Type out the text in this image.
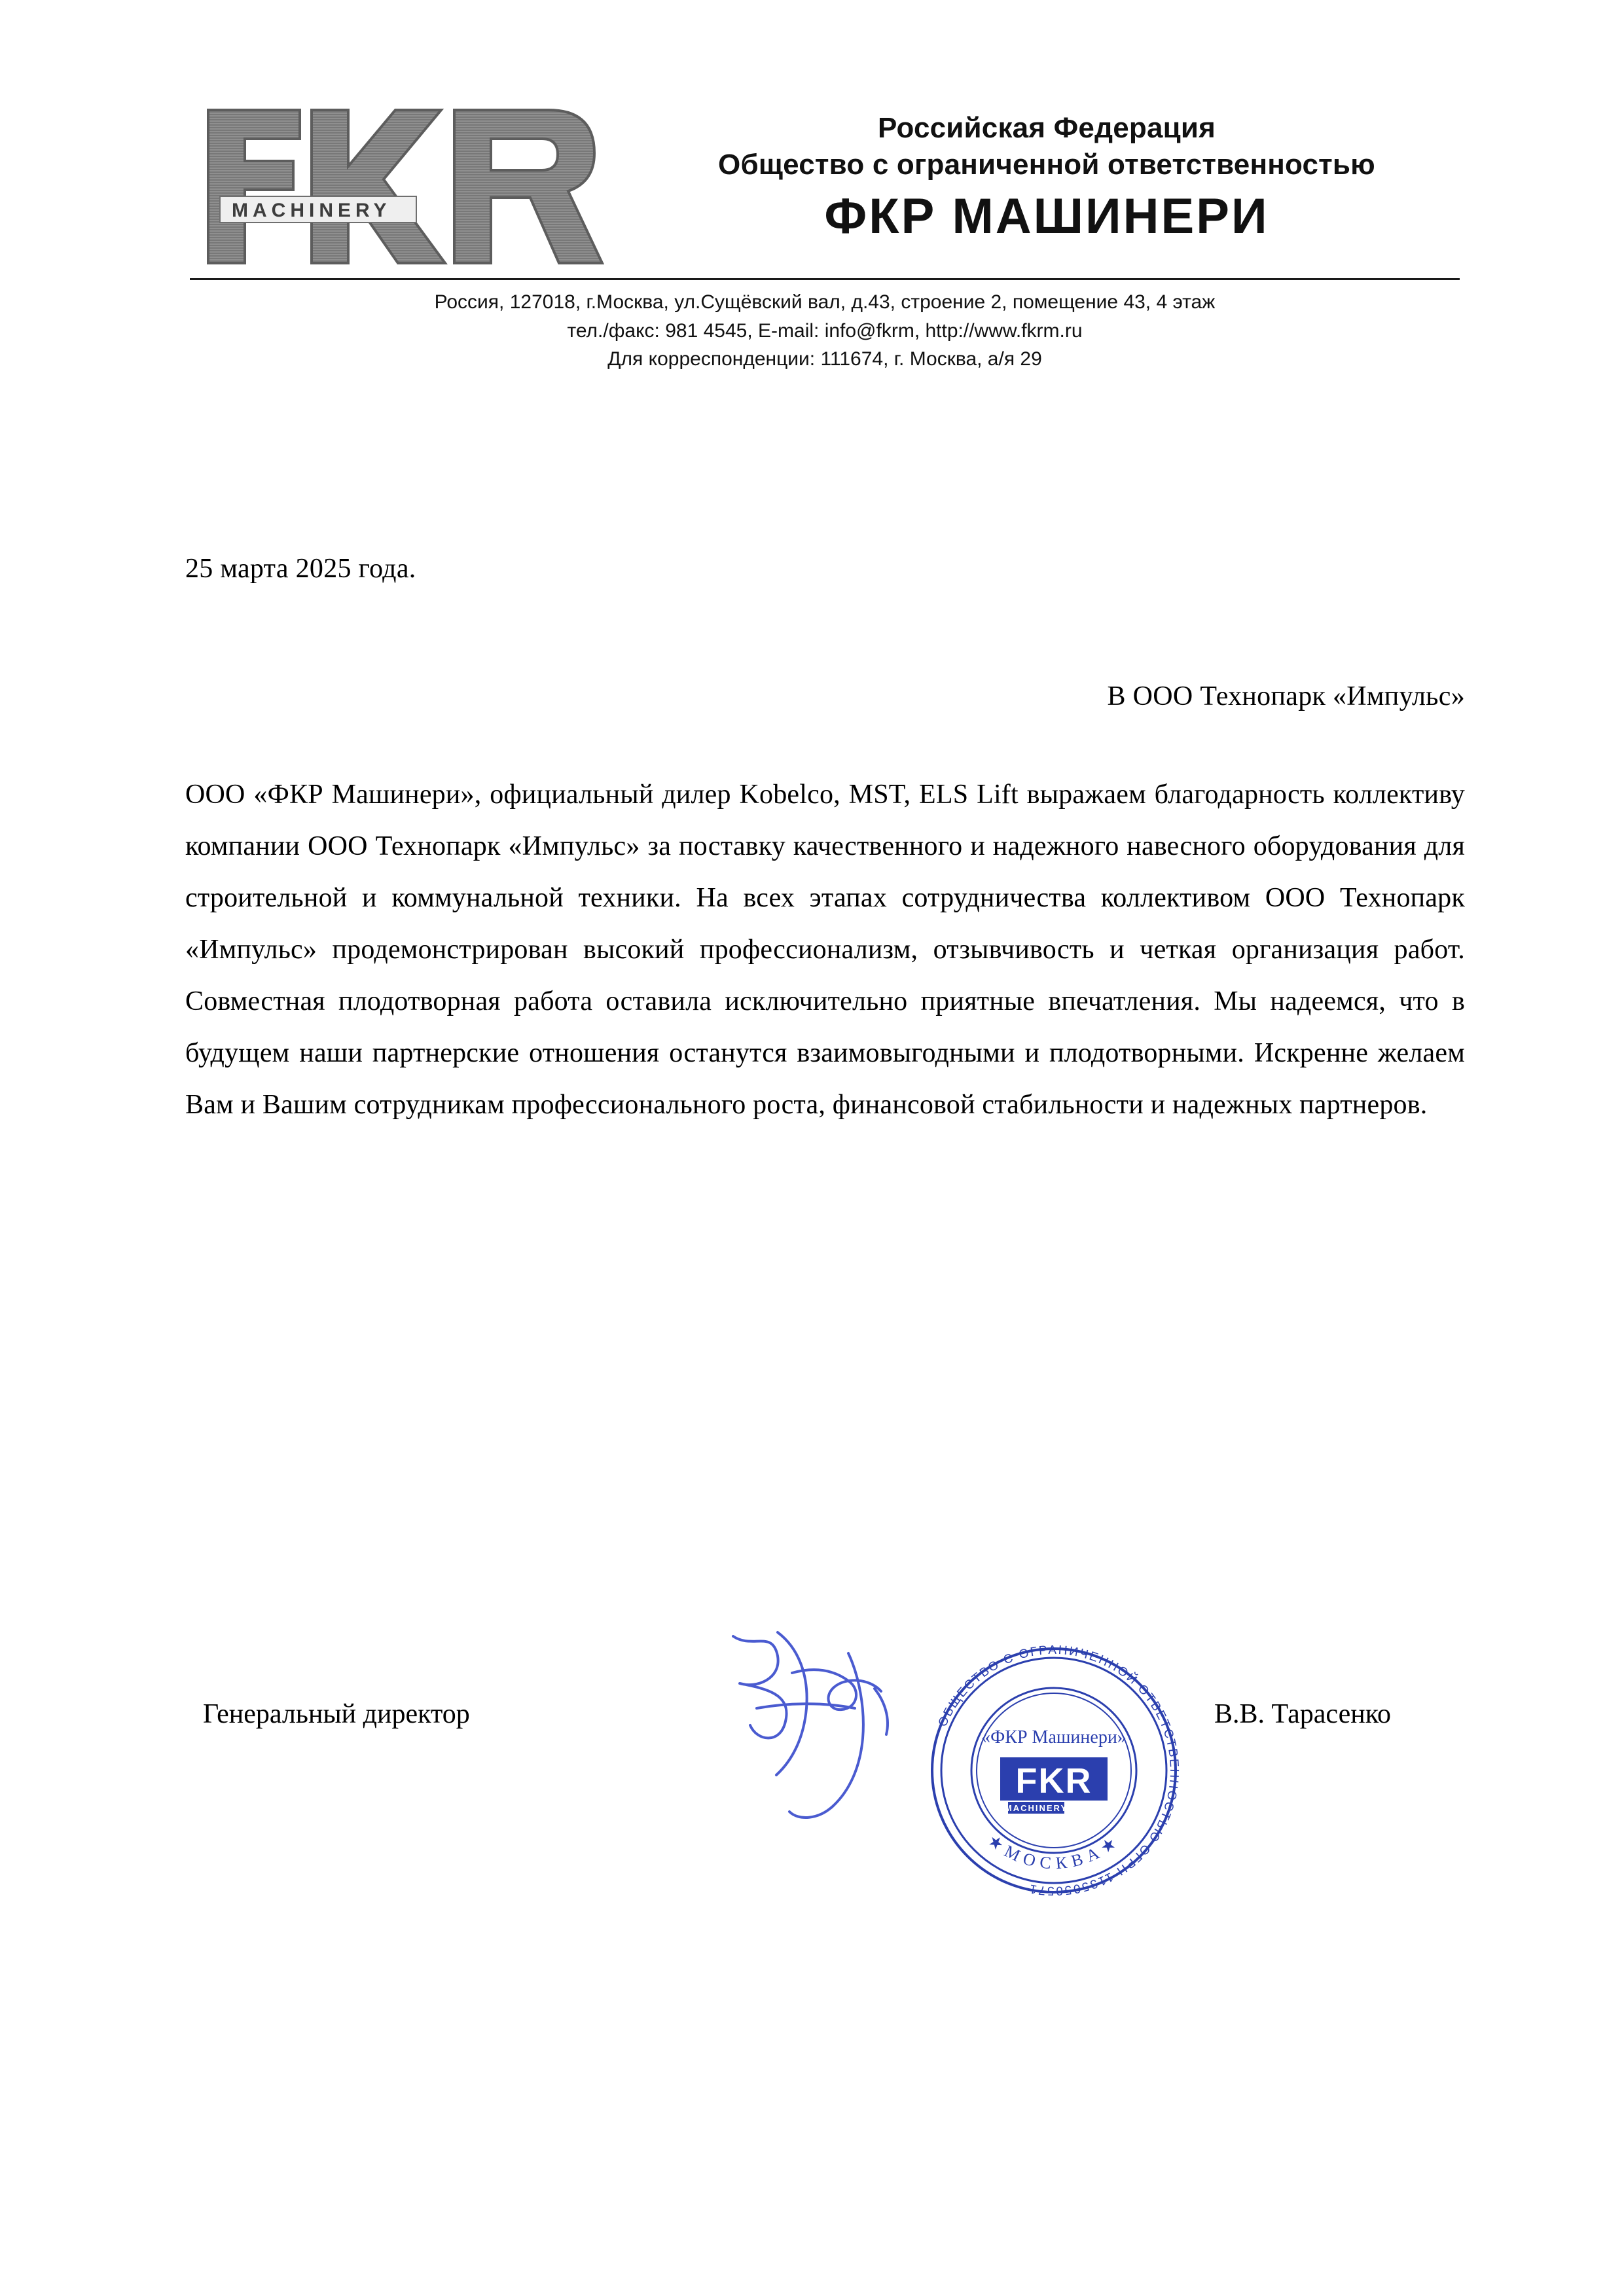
MACHINERY
Российская Федерация
Общество с ограниченной ответственностью
ФКР МАШИНЕРИ
Россия, 127018, г.Москва, ул.Сущёвский вал, д.43, строение 2, помещение 43, 4 этаж
тел./факс: 981 4545, E-mail: info@fkrm, http://www.fkrm.ru
Для корреспонденции: 111674, г. Москва, а/я 29
25 марта 2025 года.
В ООО Технопарк «Импульс»
ООО «ФКР Машинери», официальный дилер Kobelco, MST, ELS Lift выражаем благодарность коллективу компании ООО Технопарк «Импульс» за поставку качественного и надежного навесного оборудования для строительной и коммунальной техники. На всех этапах сотрудничества коллективом ООО Технопарк «Импульс» продемонстрирован высокий профессионализм, отзывчивость и четкая организация работ. Совместная плодотворная работа оставила исключительно приятные впечатления. Мы надеемся, что в будущем наши партнерские отношения останутся взаимовыгодными и плодотворными. Искренне желаем Вам и Вашим сотрудникам профессионального роста, финансовой стабильности и надежных партнеров.
Генеральный директор	В.В. Тарасенко
ОБЩЕСТВО С ОГРАНИЧЕННОЙ ОТВЕТСТВЕННОСТЬЮ ОГРН 1135050571
★ М О С К В А ★
«ФКР Машинери»
FKR
MACHINERY
